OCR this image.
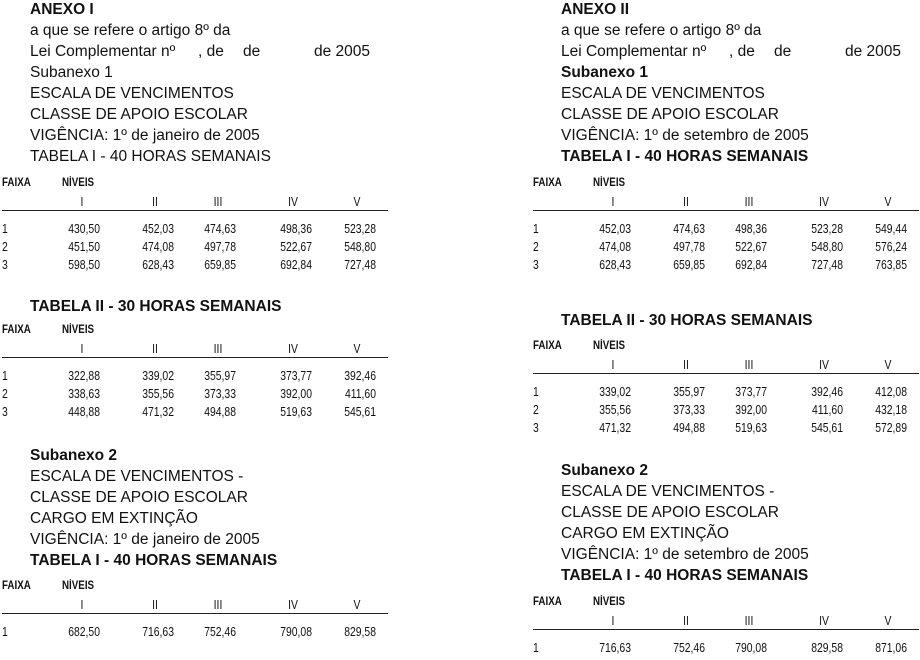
ANEXO I
a que se refere o artigo 8º da
Lei Complementar nº , de de	de 2005
Subanexo 1
ESCALA DE VENCIMENTOS
CLASSE DE APOIO ESCOLAR
VIGÊNCIA: 1º de janeiro de 2005
TABELA I - 40 HORAS SEMANAIS
FAIXA	NÍVEIS
I	II	III	IV	V
1	430,50	452,03	474,63	498,36	523,28
2	451,50	474,08	497,78	522,67	548,80
3	598,50	628,43	659,85	692,84	727,48
TABELA II - 30 HORAS SEMANAIS
FAIXA	NÍVEIS
I	II	III	IV	V
1	322,88	339,02	355,97	373,77	392,46
2	338,63	355,56	373,33	392,00	411,60
3	448,88	471,32	494,88	519,63	545,61
Subanexo 2
ESCALA DE VENCIMENTOS -
CLASSE DE APOIO ESCOLAR
CARGO EM EXTINÇÃO
VIGÊNCIA: 1º de janeiro de 2005
TABELA I - 40 HORAS SEMANAIS
FAIXA	NÍVEIS
I	II	III	IV	V
1	682,50	716,63	752,46	790,08	829,58
ANEXO II
a que se refere o artigo 8º da
Lei Complementar nº , de de	de 2005
Subanexo 1
ESCALA DE VENCIMENTOS
CLASSE DE APOIO ESCOLAR
VIGÊNCIA: 1º de setembro de 2005
TABELA I - 40 HORAS SEMANAIS
FAIXA	NÍVEIS
I	II	III	IV	V
1	452,03	474,63	498,36	523,28	549,44
2	474,08	497,78	522,67	548,80	576,24
3	628,43	659,85	692,84	727,48	763,85
TABELA II - 30 HORAS SEMANAIS
FAIXA	NÍVEIS
I	II	III	IV	V
1	339,02	355,97	373,77	392,46	412,08
2	355,56	373,33	392,00	411,60	432,18
3	471,32	494,88	519,63	545,61	572,89
Subanexo 2
ESCALA DE VENCIMENTOS -
CLASSE DE APOIO ESCOLAR
CARGO EM EXTINÇÃO
VIGÊNCIA: 1º de setembro de 2005
TABELA I - 40 HORAS SEMANAIS
FAIXA	NÍVEIS
I	II	III	IV	V
1	716,63	752,46	790,08	829,58	871,06
